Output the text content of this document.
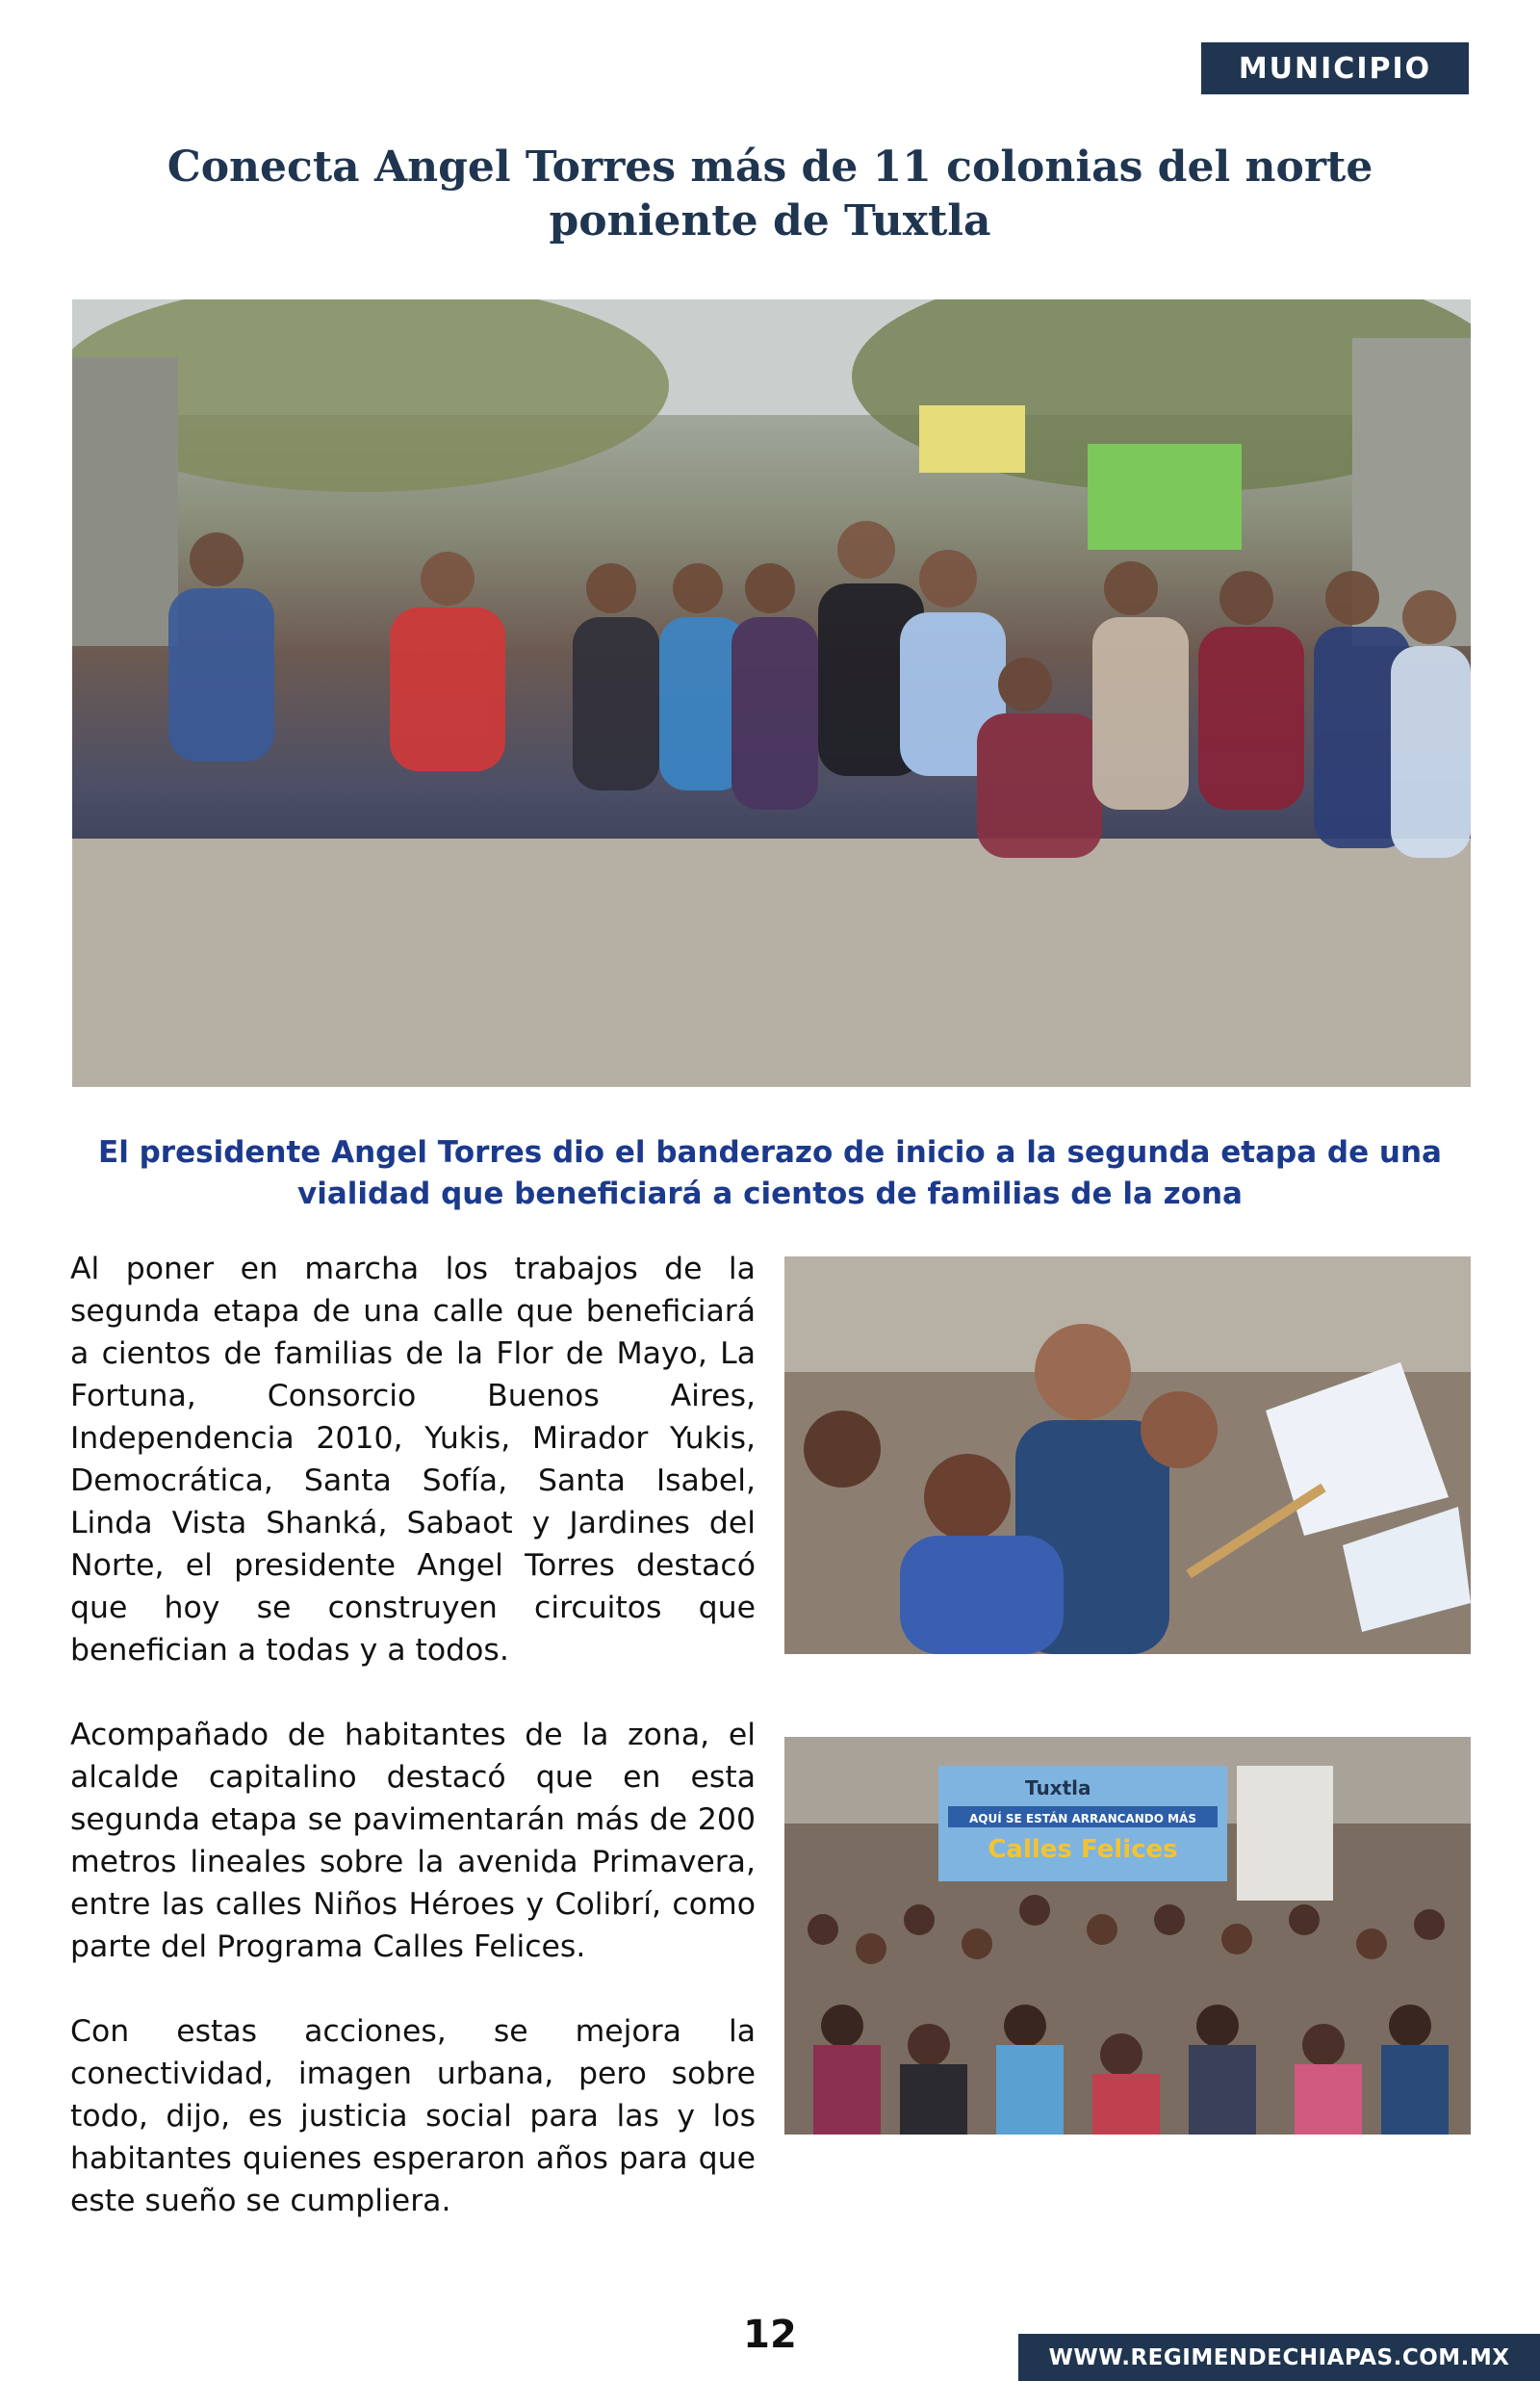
MUNICIPIO
Conecta Angel Torres más de 11 colonias del norte poniente de Tuxtla

El presidente Angel Torres dio el banderazo de inicio a la segunda etapa de una vialidad que beneficiará a cientos de familias de la zona

Al poner en marcha los trabajos de la segunda etapa de una calle que beneficiará a cientos de familias de la Flor de Mayo, La Fortuna, Consorcio Buenos Aires, Independencia 2010, Yukis, Mirador Yukis, Democrática, Santa Sofía, Santa Isabel, Linda Vista Shanká, Sabaot y Jardines del Norte, el presidente Angel Torres destacó que hoy se construyen circuitos que benefician a todas y a todos.

Acompañado de habitantes de la zona, el alcalde capitalino destacó que en esta segunda etapa se pavimentarán más de 200 metros lineales sobre la avenida Primavera, entre las calles Niños Héroes y Colibrí, como parte del Programa Calles Felices.

Con estas acciones, se mejora la conectividad, imagen urbana, pero sobre todo, dijo, es justicia social para las y los habitantes quienes esperaron años para que este sueño se cumpliera.

Tuxtla
AQUÍ SE ESTÁN ARRANCANDO MÁS
Calles Felices
12
WWW.REGIMENDECHIAPAS.COM.MX
